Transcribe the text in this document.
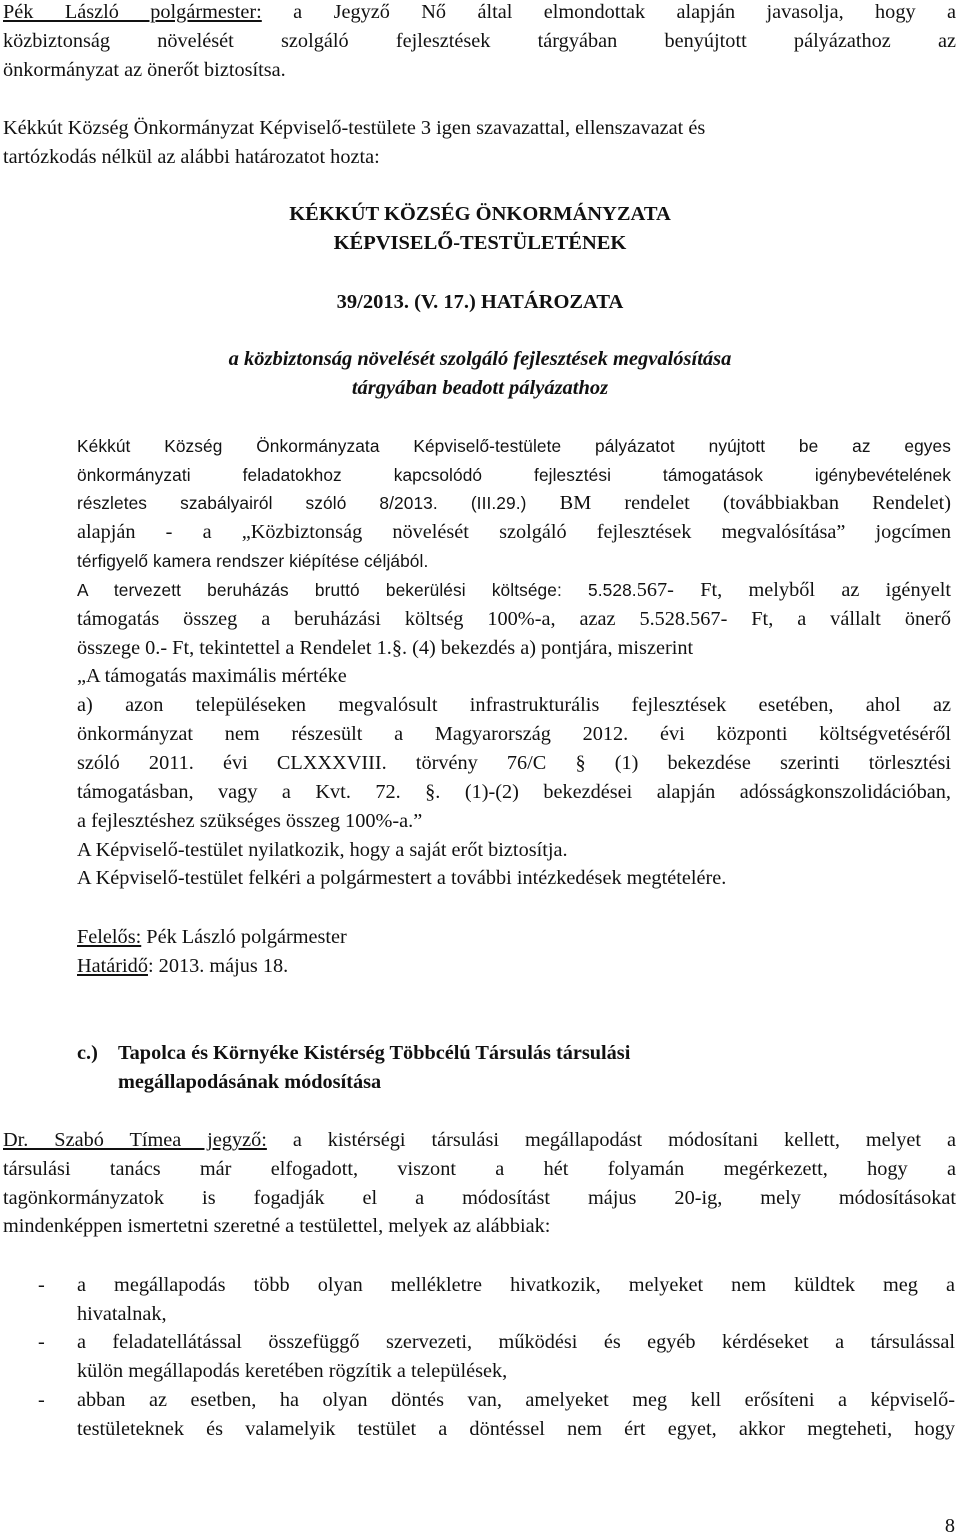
Pék László polgármester: a Jegyző Nő által elmondottak alapján javasolja, hogy a
közbiztonság növelését szolgáló fejlesztések tárgyában benyújtott pályázathoz az
önkormányzat az önerőt biztosítsa.
Kékkút Község Önkormányzat Képviselő-testülete 3 igen szavazattal, ellenszavazat és
tartózkodás nélkül az alábbi határozatot hozta:
KÉKKÚT KÖZSÉG ÖNKORMÁNYZATA
KÉPVISELŐ-TESTÜLETÉNEK
39/2013. (V. 17.) HATÁROZATA
a közbiztonság növelését szolgáló fejlesztések megvalósítása
tárgyában beadott pályázathoz
Kékkút Község Önkormányzata Képviselő-testülete pályázatot nyújtott be az egyes
önkormányzati feladatokhoz kapcsolódó fejlesztési támogatások igénybevételének
részletes szabályairól szóló 8/2013. (III.29.) BM rendelet (továbbiakban Rendelet)
alapján - a „Közbiztonság növelését szolgáló fejlesztések megvalósítása” jogcímen
térfigyelő kamera rendszer kiépítése céljából.
A tervezett beruházás bruttó bekerülési költsége: 5.528.567- Ft, melyből az igényelt
támogatás összeg a beruházási költség 100%-a, azaz 5.528.567- Ft, a vállalt önerő
összege 0.- Ft, tekintettel a Rendelet 1.§. (4) bekezdés a) pontjára, miszerint
„A támogatás maximális mértéke
a) azon településeken megvalósult infrastrukturális fejlesztések esetében, ahol az
önkormányzat nem részesült a Magyarország 2012. évi központi költségvetéséről
szóló 2011. évi CLXXXVIII. törvény 76/C § (1) bekezdése szerinti törlesztési
támogatásban, vagy a Kvt. 72. §. (1)-(2) bekezdései alapján adósságkonszolidációban,
a fejlesztéshez szükséges összeg 100%-a.”
A Képviselő-testület nyilatkozik, hogy a saját erőt biztosítja.
A Képviselő-testület felkéri a polgármestert a további intézkedések megtételére.
Felelős: Pék László polgármester
Határidő: 2013. május 18.
c.) Tapolca és Környéke Kistérség Többcélú Társulás társulási
megállapodásának módosítása
Dr. Szabó Tímea jegyző: a kistérségi társulási megállapodást módosítani kellett, melyet a
társulási tanács már elfogadott, viszont a hét folyamán megérkezett, hogy a
tagönkormányzatok is fogadják el a módosítást május 20-ig, mely módosításokat
mindenképpen ismertetni szeretné a testülettel, melyek az alábbiak:
- a megállapodás több olyan mellékletre hivatkozik, melyeket nem küldtek meg a
hivatalnak,
- a feladatellátással összefüggő szervezeti, működési és egyéb kérdéseket a társulással
külön megállapodás keretében rögzítik a települések,
- abban az esetben, ha olyan döntés van, amelyeket meg kell erősíteni a képviselő-
testületeknek és valamelyik testület a döntéssel nem ért egyet, akkor megteheti, hogy
8
